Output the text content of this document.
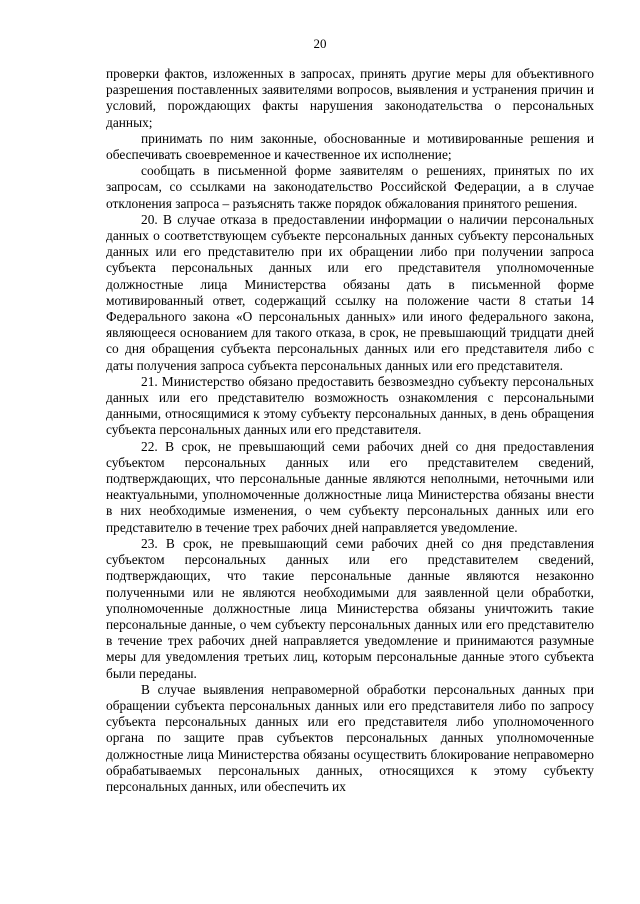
20

проверки фактов, изложенных в запросах, принять другие меры для объективного разрешения поставленных заявителями вопросов, выявления и устранения причин и условий, порождающих факты нарушения законодательства о персональных данных;

принимать по ним законные, обоснованные и мотивированные решения и обеспечивать своевременное и качественное их исполнение;

сообщать в письменной форме заявителям о решениях, принятых по их запросам, со ссылками на законодательство Российской Федерации, а в случае отклонения запроса – разъяснять также порядок обжалования принятого решения.

20. В случае отказа в предоставлении информации о наличии персональных данных о соответствующем субъекте персональных данных субъекту персональных данных или его представителю при их обращении либо при получении запроса субъекта персональных данных или его представителя уполномоченные должностные лица Министерства обязаны дать в письменной форме мотивированный ответ, содержащий ссылку на положение части 8 статьи 14 Федерального закона «О персональных данных» или иного федерального закона, являющееся основанием для такого отказа, в срок, не превышающий тридцати дней со дня обращения субъекта персональных данных или его представителя либо с даты получения запроса субъекта персональных данных или его представителя.

21. Министерство обязано предоставить безвозмездно субъекту персональных данных или его представителю возможность ознакомления с персональными данными, относящимися к этому субъекту персональных данных, в день обращения субъекта персональных данных или его представителя.

22. В срок, не превышающий семи рабочих дней со дня предоставления субъектом персональных данных или его представителем сведений, подтверждающих, что персональные данные являются неполными, неточными или неактуальными, уполномоченные должностные лица Министерства обязаны внести в них необходимые изменения, о чем субъекту персональных данных или его представителю в течение трех рабочих дней направляется уведомление.

23. В срок, не превышающий семи рабочих дней со дня представления субъектом персональных данных или его представителем сведений, подтверждающих, что такие персональные данные являются незаконно полученными или не являются необходимыми для заявленной цели обработки, уполномоченные должностные лица Министерства обязаны уничтожить такие персональные данные, о чем субъекту персональных данных или его представителю в течение трех рабочих дней направляется уведомление и принимаются разумные меры для уведомления третьих лиц, которым персональные данные этого субъекта были переданы.

В случае выявления неправомерной обработки персональных данных при обращении субъекта персональных данных или его представителя либо по запросу субъекта персональных данных или его представителя либо уполномоченного органа по защите прав субъектов персональных данных уполномоченные должностные лица Министерства обязаны осуществить блокирование неправомерно обрабатываемых персональных данных, относящихся к этому субъекту персональных данных, или обеспечить их
